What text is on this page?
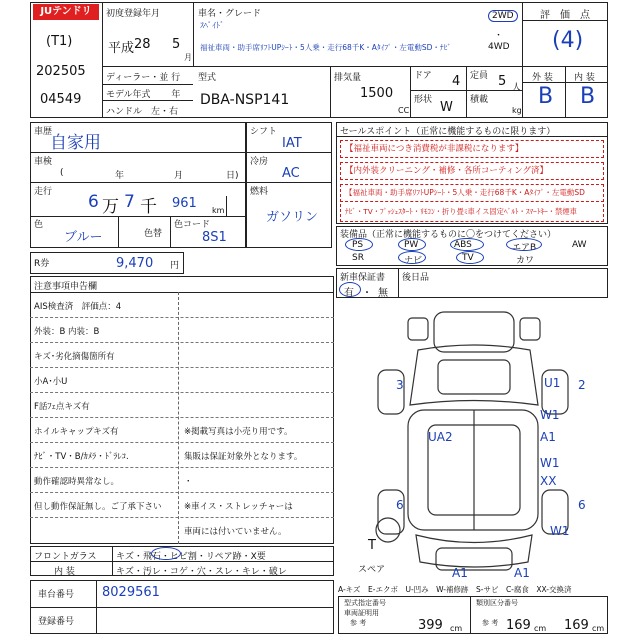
JUテンドリ
(T1)
202505
04549
初度登録年月
平成 28 5
月
車名・グレード
ｽﾍﾟｲﾄﾞ
福祉車両・助手席ﾘﾌﾄUPｼｰﾄ・5人乗・走行68千K・Aﾀｲﾌﾟ・左電動SD・ﾅﾋﾞ
2WD
・
4WD
ディーラー・並 行
モデル年式　　 年
ハンドル　左・右
型式
DBA-NSP141
排気量
1500
CC
ドア 4 定員 5 人
形状 W 積載
kg
評　価　点
(4)
外 装 内 装
B B
車歴
自家用
車検
(	年	月	日)
走行 6 万 7 千 961 km
色
ブルー	色替
色コード
8S1
シフト
IAT
冷房
AC
燃料
ガソリン
R券	9,470 円
セールスポイント（正常に機能するものに限ります）
【福祉車両につき消費税が非課税になります】
【内外装クリーニング・補修・各所コーティング済】
【福祉車両・助手席ﾘﾌﾄUPｼｰﾄ・5人乗・走行68千K・Aﾀｲﾌﾟ・左電動SD
ﾅﾋﾞ・TV・ﾌﾟｯｼｭｽﾀｰﾄ・ﾘﾓｺﾝ・折り畳ﾐ車イス固定ﾍﾞﾙﾄ・ｽﾏｰﾄｷｰ・禁煙車
装備品（正常に機能するものに〇をつけてください）
PS	PW	ABS	エアB	AW
SR	ナビ	TV	カワ
新車保証書 後日品
有 ・ 無
注意事項申告欄
AIS検査済　評価点：4
外装：B 内装：B
キズ･劣化摘傷箇所有
小A･小U
F話ﾌｪ点キズ有
ホイルキャップキズ有
ﾅﾋﾞ・TV・B/ｶﾒﾗ・ﾄﾞﾗﾚｺ.
動作確認時異常なし。
但し動作保証無し。ご了承下さい
※掲載写真は小売り用です。
集販は保証対象外となります。
・
※車イス・ストレッチャーは
車両には付いていません。
3	U1 2
W1
UA2	A1
W1
XX
6	6
W1
A1	A1
T
スペア
A-キズ　E-エクボ　U-凹み　W-補修跡　S-サビ　C-腐食　XX-交換済
フロントガラス キズ・飛石・ヒビ割・リペア跡・X要
内 装	キズ・汚レ・コゲ・穴・スレ・キレ・破レ
車台番号 8029561
登録番号
型式指定番号
車両証明用
参 考	399 cm
類別区分番号
参 考 169 cm 169 cm
